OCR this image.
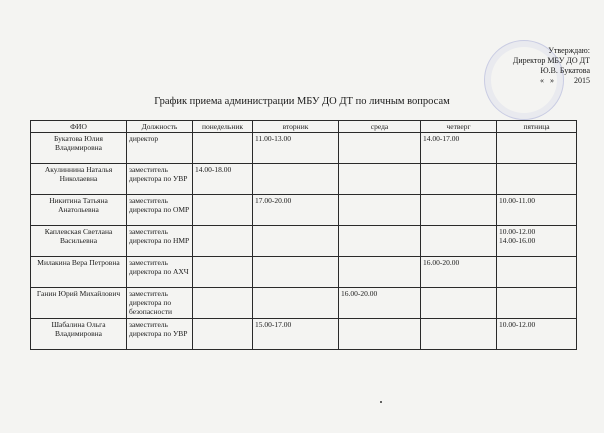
Утверждаю:
Директор МБУ ДО ДТ
Ю.В. Букатова
«   »          2015
График приема администрации МБУ ДО ДТ по личным вопросам
ФИО	Должность	понедельник	вторник	среда	четверг	пятница
Букатова Юлия Владимировна	директор		11.00-13.00		14.00-17.00	
Акулиннина Наталья Николаевна	заместитель директора по УВР	14.00-18.00				
Никитина Татьяна Анатольевна	заместитель директора по ОМР		17.00-20.00			10.00-11.00
Каплевская Светлана Васильевна	заместитель директора по НМР					10.00-12.00
14.00-16.00
Милакина Вера Петровна	заместитель директора по АХЧ				16.00-20.00	
Ганин Юрий Михайлович	заместитель директора по безопасности			16.00-20.00		
Шабалина Ольга Владимировна	заместитель директора по УВР		15.00-17.00			10.00-12.00
